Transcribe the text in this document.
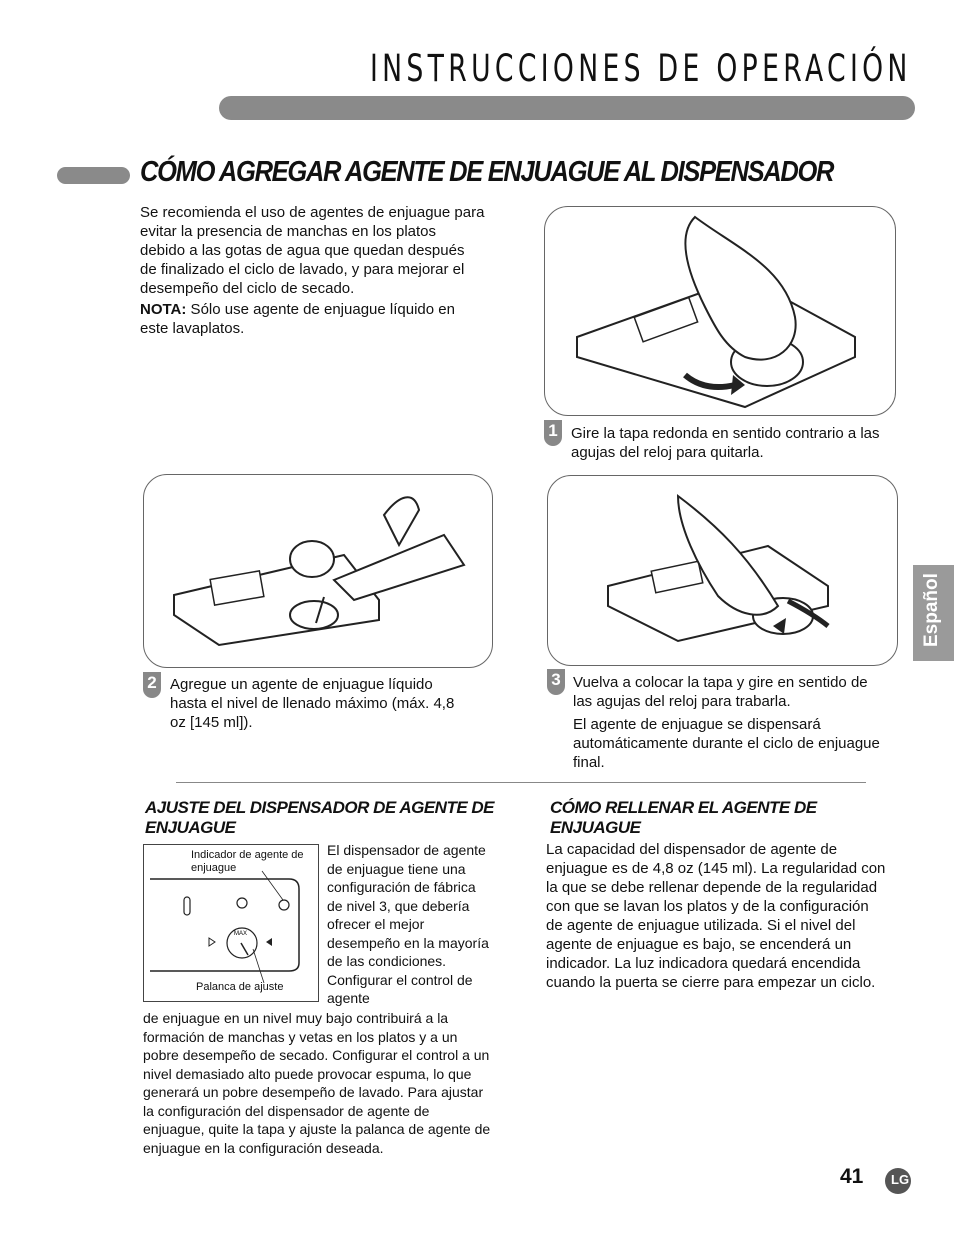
INSTRUCCIONES DE OPERACIÓN
CÓMO AGREGAR AGENTE DE ENJUAGUE AL DISPENSADOR
Se recomienda el uso de agentes de enjuague para evitar la presencia de manchas en los platos debido a las gotas de agua que quedan después de finalizado el ciclo de lavado, y para mejorar el desempeño del ciclo de secado.
NOTA: Sólo use agente de enjuague líquido en este lavaplatos.
1 Gire la tapa redonda en sentido contrario a las agujas del reloj para quitarla.
2 Agregue un agente de enjuague líquido hasta el nivel de llenado máximo (máx. 4,8 oz [145 ml]).
3 Vuelva a colocar la tapa y gire en sentido de las agujas del reloj para trabarla.
El agente de enjuague se dispensará automáticamente durante el ciclo de enjuague final.
Español
AJUSTE DEL DISPENSADOR DE AGENTE DE ENJUAGUE
Indicador de agente de enjuague
MAX
Palanca de ajuste
El dispensador de agente de enjuague tiene una configuración de fábrica de nivel 3, que debería ofrecer el mejor desempeño en la mayoría de las condiciones. Configurar el control de agente
de enjuague en un nivel muy bajo contribuirá a la formación de manchas y vetas en los platos y a un pobre desempeño de secado. Configurar el control a un nivel demasiado alto puede provocar espuma, lo que generará un pobre desempeño de lavado. Para ajustar la configuración del dispensador de agente de enjuague, quite la tapa y ajuste la palanca de agente de enjuague en la configuración deseada.
CÓMO RELLENAR EL AGENTE DE ENJUAGUE
La capacidad del dispensador de agente de enjuague es de 4,8 oz (145 ml). La regularidad con la que se debe rellenar depende de la regularidad con que se lavan los platos y de la configuración de agente de enjuague utilizada. Si el nivel del agente de enjuague es bajo, se encenderá un indicador. La luz indicadora quedará encendida cuando la puerta se cierre para empezar un ciclo.
41 LG
